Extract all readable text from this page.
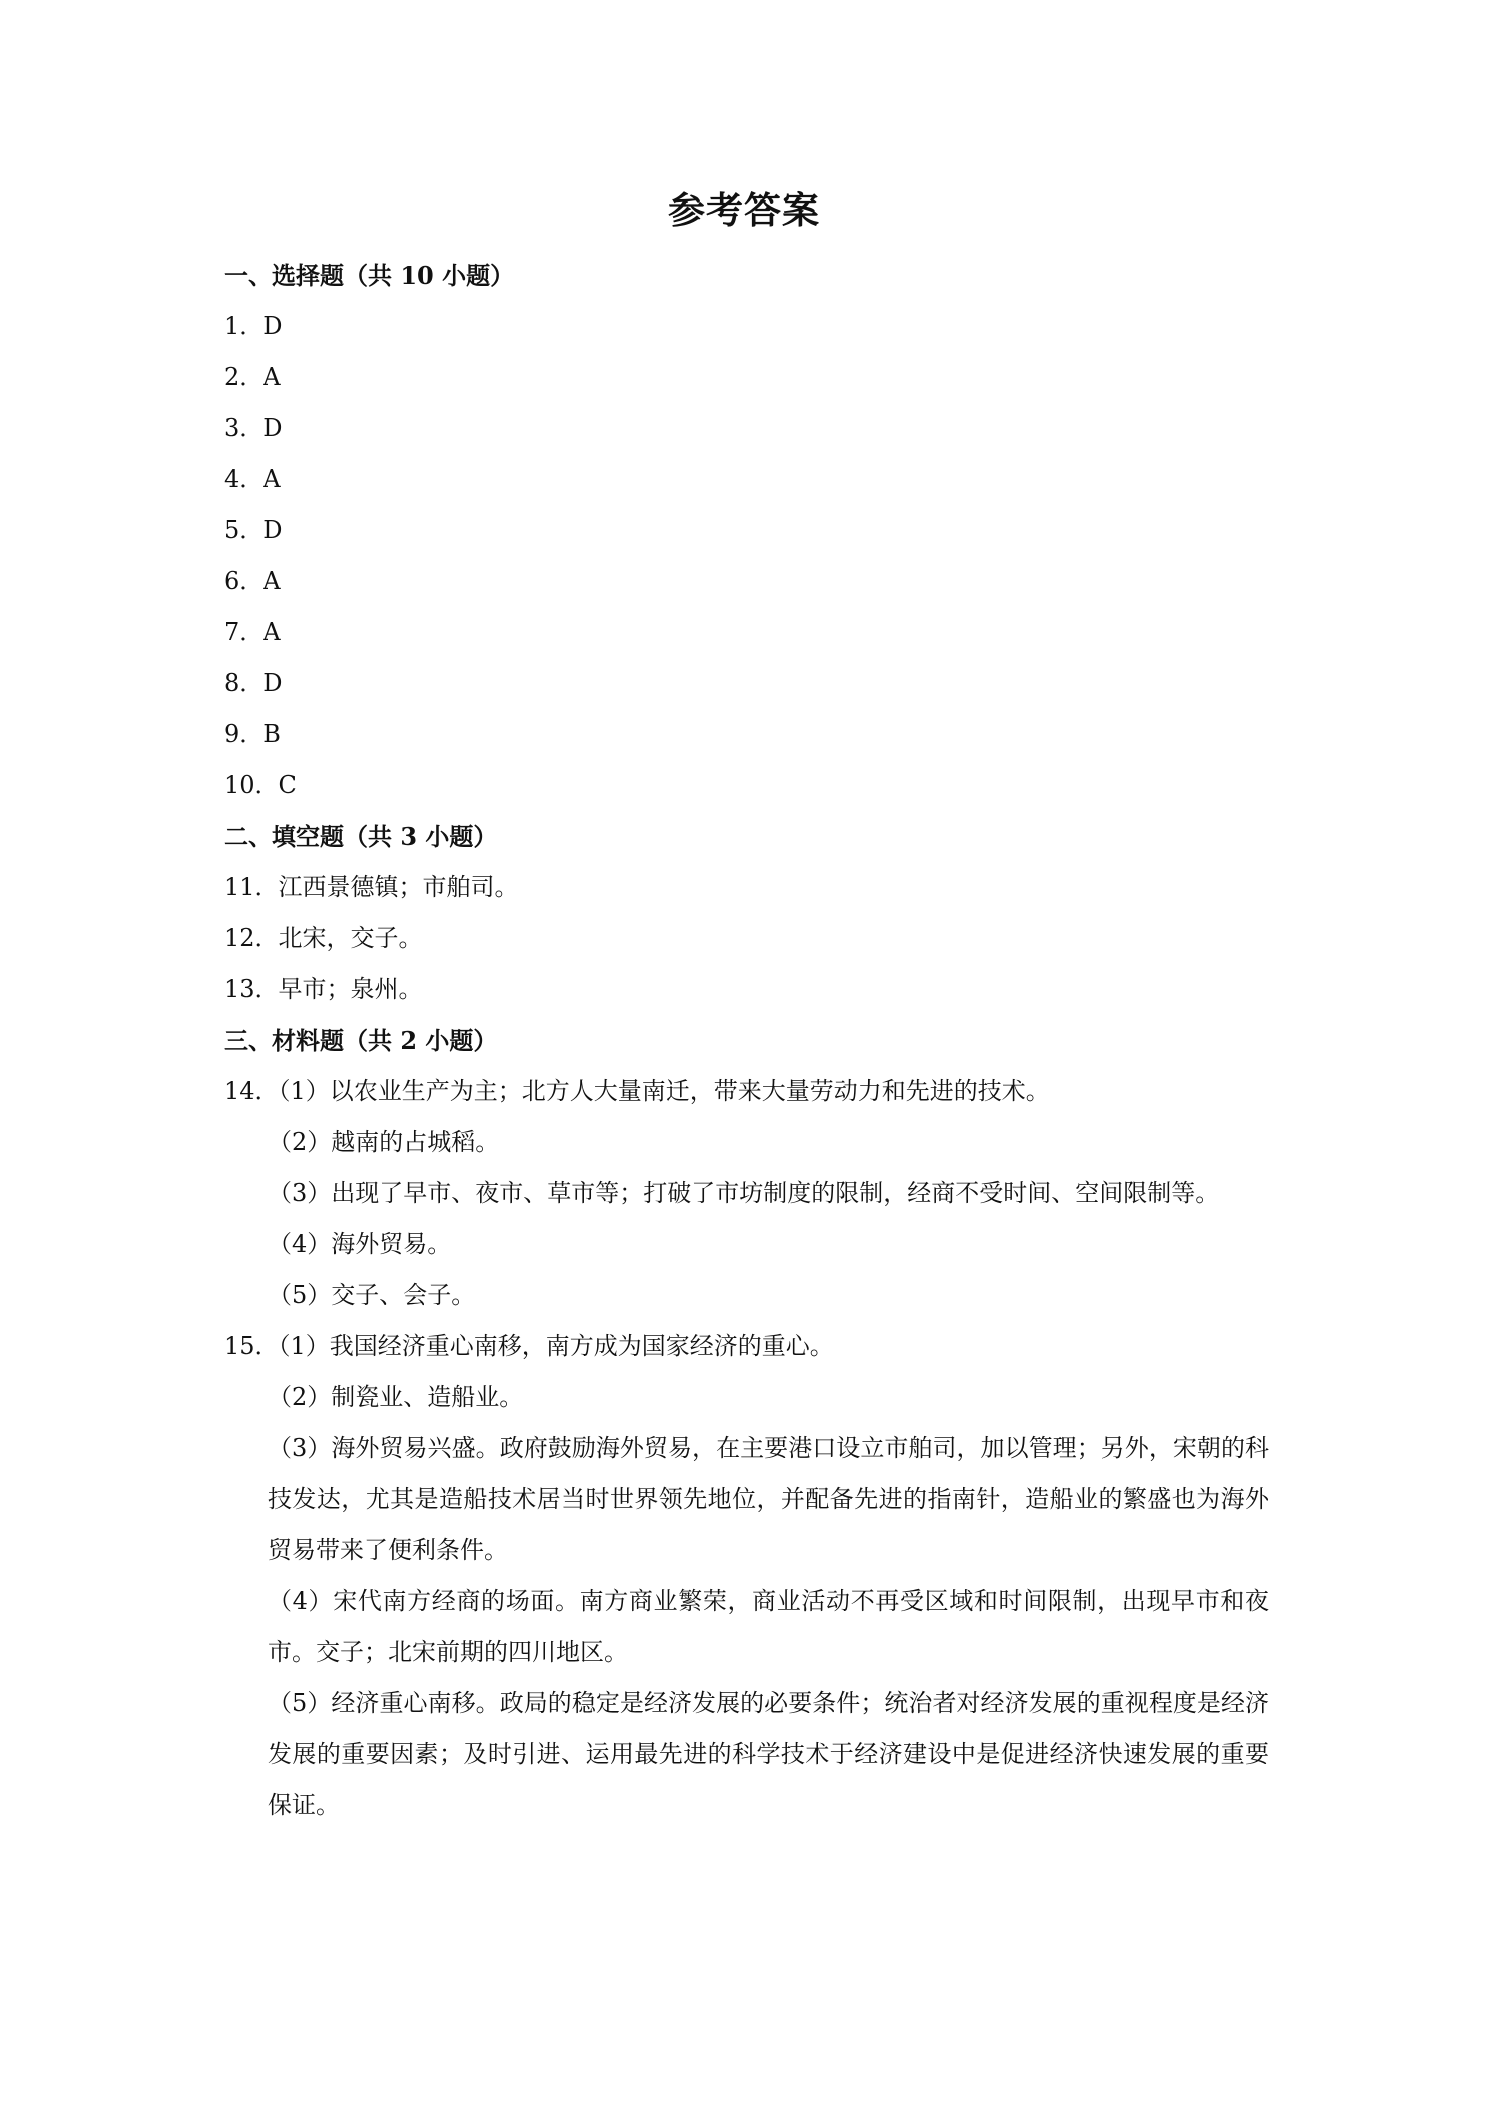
参考答案
一、选择题（共 10 小题）
1．D
2．A
3．D
4．A
5．D
6．A
7．A
8．D
9．B
10．C
二、填空题（共 3 小题）
11．江西景德镇；市舶司。
12．北宋，交子。
13．早市；泉州。
三、材料题（共 2 小题）
14．（1）以农业生产为主；北方人大量南迁，带来大量劳动力和先进的技术。
（2）越南的占城稻。
（3）出现了早市、夜市、草市等；打破了市坊制度的限制，经商不受时间、空间限制等。
（4）海外贸易。
（5）交子、会子。
15．（1）我国经济重心南移，南方成为国家经济的重心。
（2）制瓷业、造船业。
（3）海外贸易兴盛。政府鼓励海外贸易，在主要港口设立市舶司，加以管理；另外，宋朝的科技发达，尤其是造船技术居当时世界领先地位，并配备先进的指南针，造船业的繁盛也为海外贸易带来了便利条件。
（4）宋代南方经商的场面。南方商业繁荣，商业活动不再受区域和时间限制，出现早市和夜市。交子；北宋前期的四川地区。
（5）经济重心南移。政局的稳定是经济发展的必要条件；统治者对经济发展的重视程度是经济发展的重要因素；及时引进、运用最先进的科学技术于经济建设中是促进经济快速发展的重要保证。
